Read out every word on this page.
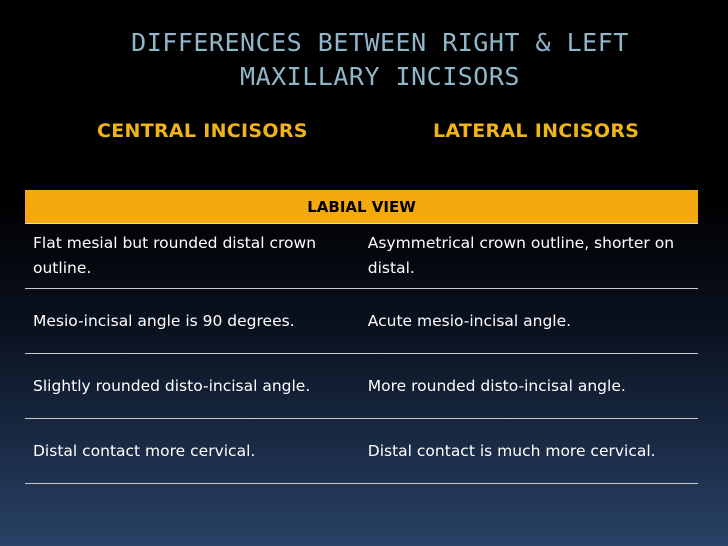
DIFFERENCES BETWEEN RIGHT & LEFT
MAXILLARY INCISORS
CENTRAL INCISORS	LATERAL INCISORS
LABIAL VIEW	
Flat mesial but rounded distal crown outline.	Asymmetrical crown outline, shorter on distal.
Mesio-incisal angle is 90 degrees.	Acute mesio-incisal angle.
Slightly rounded disto-incisal angle.	More rounded disto-incisal angle.
Distal contact more cervical.	Distal contact is much more cervical.
